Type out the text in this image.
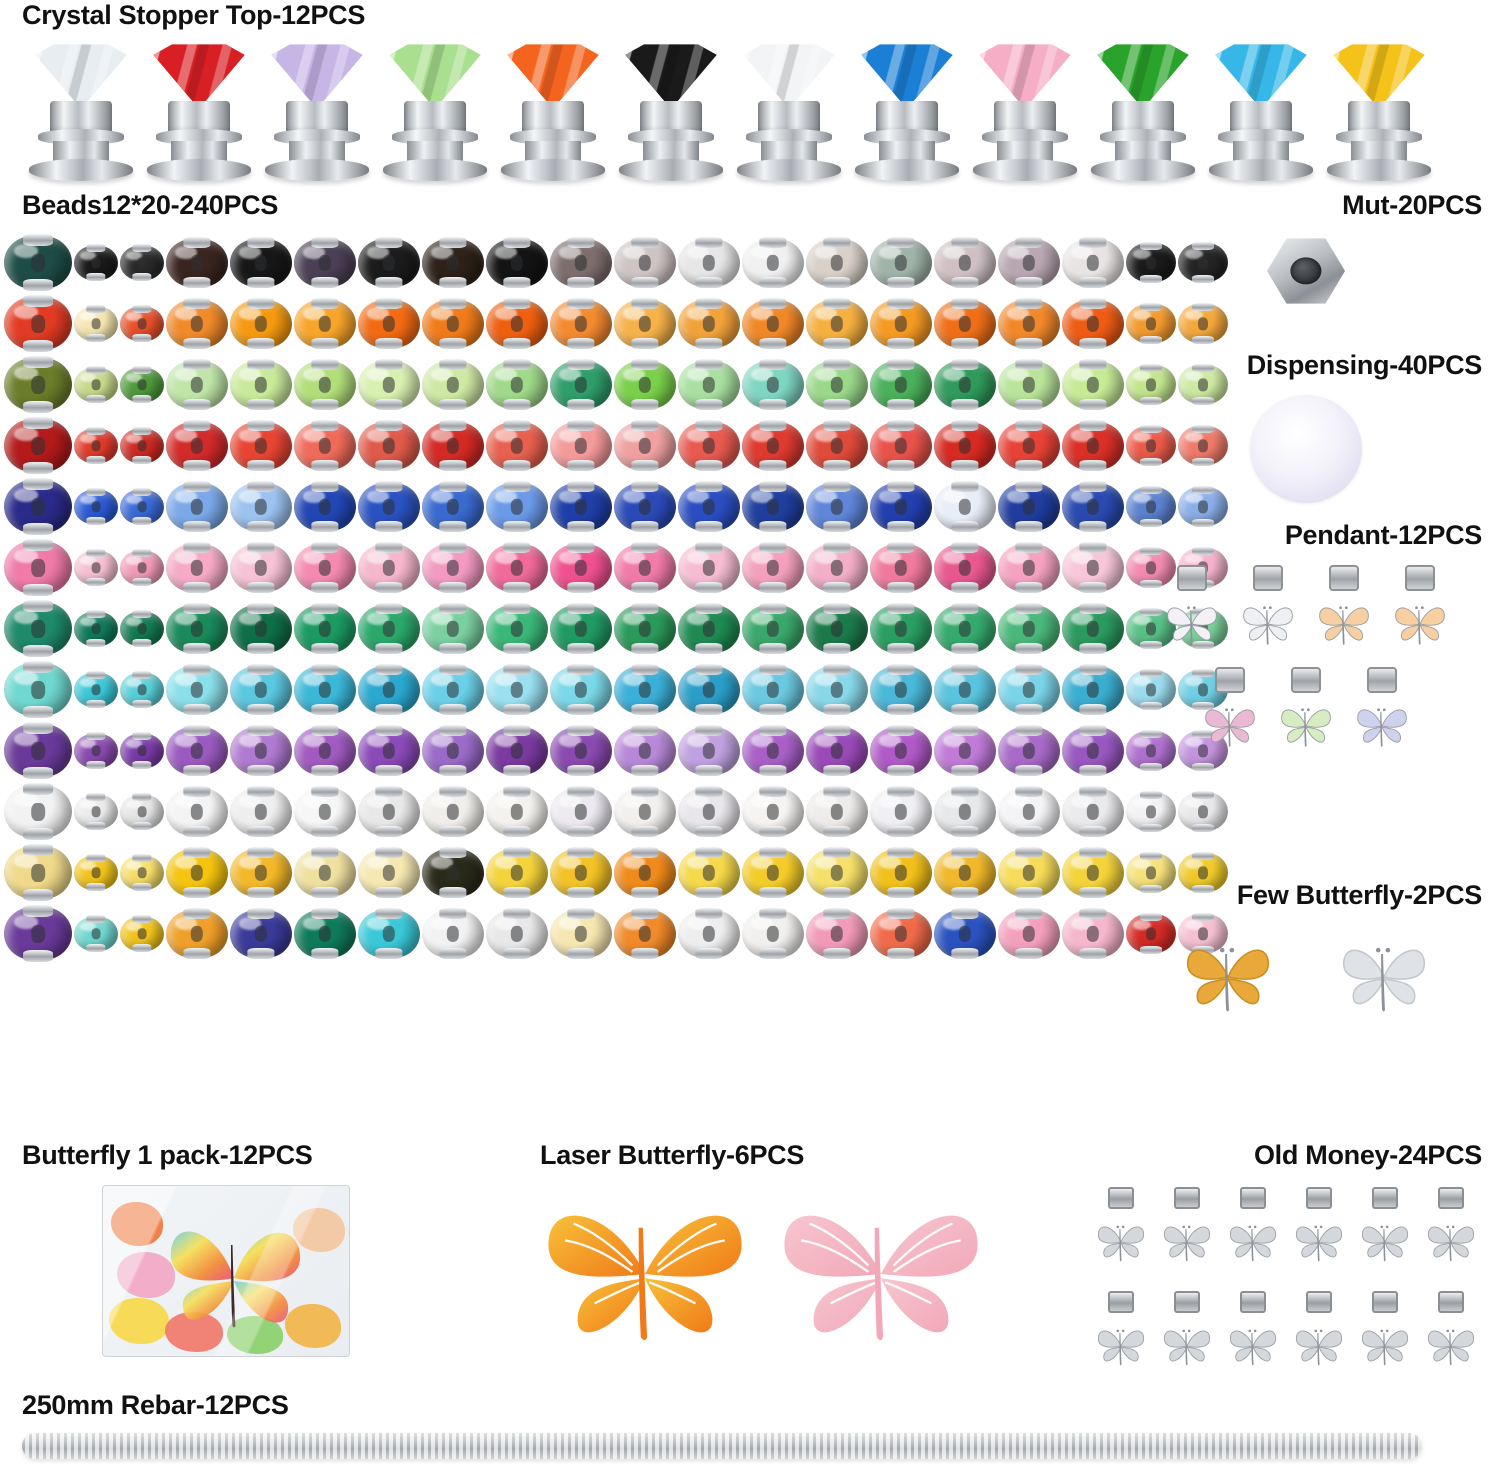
Crystal Stopper Top-12PCS
Beads12*20-240PCS	Mut-20PCS
Dispensing-40PCS
Pendant-12PCS
Few Butterfly-2PCS
Butterfly 1 pack-12PCS	Laser Butterfly-6PCS	Old Money-24PCS
250mm Rebar-12PCS
